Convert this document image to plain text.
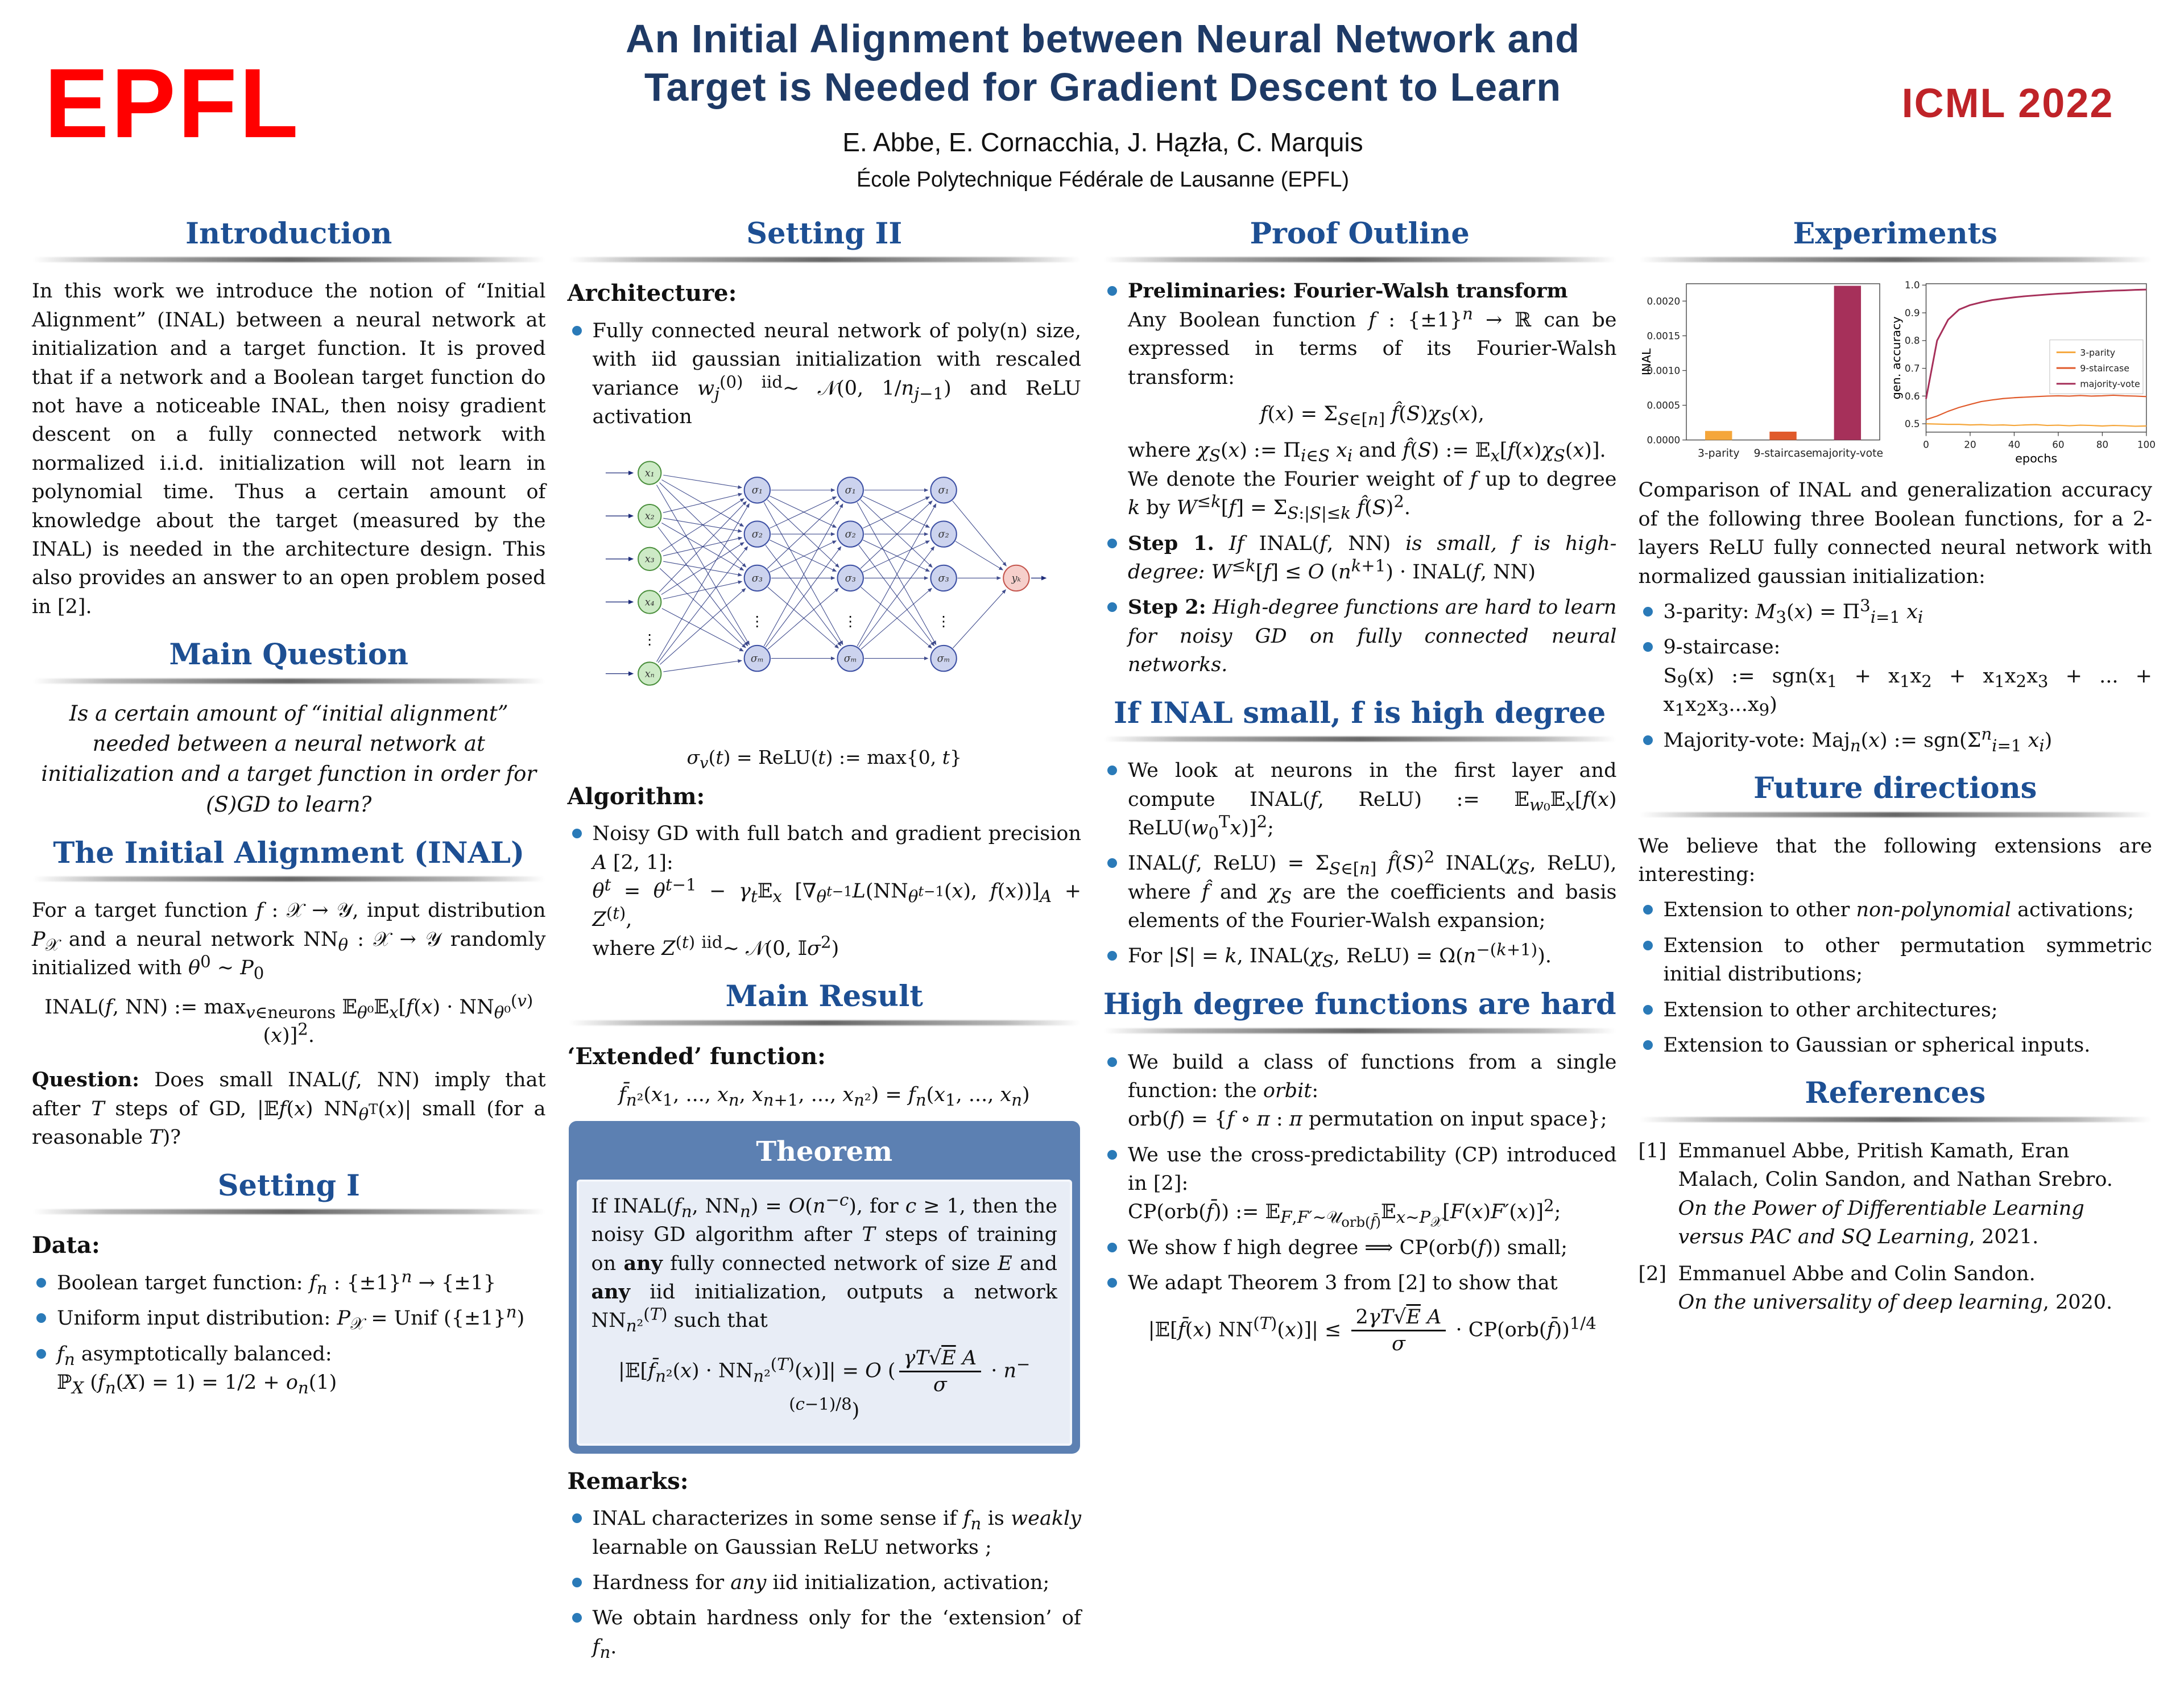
EPFL
An Initial Alignment between Neural Network and
Target is Needed for Gradient Descent to Learn
E. Abbe, E. Cornacchia, J. Hązła, C. Marquis
École Polytechnique Fédérale de Lausanne (EPFL)
ICML 2022
Introduction

In this work we introduce the notion of “Initial Alignment” (INAL) between a neural network at initialization and a target function. It is proved that if a network and a Boolean target function do not have a noticeable INAL, then noisy gradient descent on a fully connected network with normalized i.i.d. initialization will not learn in polynomial time. Thus a certain amount of knowledge about the target (measured by the INAL) is needed in the architecture design. This also provides an answer to an open problem posed in [2].

Main Question
Is a certain amount of “initial alignment” needed between a neural network at initialization and a target function in order for (S)GD to learn?
The Initial Alignment (INAL)

For a target function f : 𝒳 → 𝒴, input distribution $P_𝒳$ and a neural network $NN_\theta$ : 𝒳 → 𝒴 randomly initialized with $\theta^0$ ∼ $P_0$

INAL(f, NN) := $\max_{v\in neurons}$ 𝔼$_{\theta^0}$𝔼$_x$[f(x) · $NN_{\theta^0}^{(v)}(x)]^2$.

Question: Does small INAL(f, NN) imply that after T steps of GD, |𝔼f(x) $NN_{\theta^T}(x)|$ small (for a reasonable T)?

Setting I
Data:
Boolean target function: $f_n$ : $\{\pm 1\}^n \to \{\pm 1\}$
Uniform input distribution: $P_𝒳$ = Unif $(\{\pm 1\}^n)$
$f_n$ asymptotically balanced:
ℙ$_X$ $(f_n(X) = 1) = 1/2 + o_n(1)$
Setting II
Architecture:
Fully connected neural network of poly(n) size, with iid gaussian initialization with rescaled variance $w_j^{(0)}$ $^{iid}$∼ 𝒩(0, $1/n_{j-1}$) and ReLU activation
x₁
x₂
x₃
x₄
xₙ
⋮
σ₁
σ₂
σ₃
σₘ
⋮
σ₁
σ₂
σ₃
σₘ
⋮
σ₁
σ₂
σ₃
σₘ
⋮
yₖ
$\sigma_v(t)$ = ReLU(t) := max{0, t}
Algorithm:
Noisy GD with full batch and gradient precision A [2, 1]:
$\theta^t = \theta^{t-1}$ − $\gamma_t𝔼_x$ [$\nabla_{\theta^{t-1}}L(NN_{\theta^{t-1}}(x)$, $f(x))]_A + Z^{(t)}$,
where $Z^{(t)}$ $^{iid}$∼ 𝒩(0, 𝕀σ$^2$)
Main Result
‘Extended’ function:
$f̄_{n^2}(x_1$, ..., $x_n$, $x_{n+1}$, ..., $x_{n^2}) = f_n(x_1$, ..., $x_n$)
Theorem
If $INAL(f_n$, $NN_n) = O(n^{-c})$, for c ≥ 1, then the noisy GD algorithm after T steps of training on any fully connected network of size E and any iid initialization, outputs a network $NN_{n^2}^{(T)}$ such that
$|𝔼[f̄_{n^2}(x) \cdot NN_{n^2}^{(T)}(x)]| = O$ ( $\frac{\text{γT√E A}}{\sigma} \cdot n^{-(c-1)/8}$)
Remarks:
INAL characterizes in some sense if $f_n$ is weakly learnable on Gaussian ReLU networks ;
Hardness for any iid initialization, activation;
We obtain hardness only for the ‘extension’ of $f_n$.
Proof Outline
Preliminaries: Fourier-Walsh transform
Any Boolean function f : $\{\pm 1\}^n$ → ℝ can be expressed in terms of its Fourier-Walsh transform:
$f(x) = \Sigma_{S\in[n]}$ $f̂(S)\chi_S(x)$,
where $\chi_S(x)$ := $\Pi_{i\in S}$ $x_i$ and f̂(S) := $𝔼_x[f(x)\chi_S(x)]$.
We denote the Fourier weight of f up to degree k by $W^{\le k}[f] = \Sigma_{S:|S|\le k}$ $f̂(S)^2$.
Step 1. If INAL(f, NN) is small, f is high-degree: $W^{\le k}[f] \le O$ $(n^{k+1})$ · INAL(f, NN)
Step 2: High-degree functions are hard to learn for noisy GD on fully connected neural networks.
If INAL small, f is high degree
We look at neurons in the first layer and compute INAL(f, ReLU) := 𝔼$_{w_0}$𝔼$_x$[f(x) $ReLU(w_0^Tx)]^2$;
INAL(f, ReLU) = $\Sigma_{S\in[n]}$ $f̂(S)^2$ $INAL(\chi_S$, ReLU), where f̂ and $\chi_S$ are the coefficients and basis elements of the Fourier-Walsh expansion;
For |S| = k, $INAL(\chi_S$, ReLU) = $\Omega(n^{-(k+1)})$.
High degree functions are hard
We build a class of functions from a single function: the orbit:
orb(f) = {f ∘ π : π permutation on input space};
We use the cross-predictability (CP) introduced in [2]:
CP(orb(f̄)) := $𝔼_{F,F'\sim 𝒰_{orb(f̄)}}𝔼_{x\sim P_𝒳}[F(x)F'(x)]^2$;
We show f high degree ⟹ CP(orb(f)) small;
We adapt Theorem 3 from [2] to show that
|𝔼[f̄(x) $NN^{(T)}(x)]| \le \frac{\text{2γT√E A}}{\sigma}$ · CP(orb(f̄))$^{1/4}$
Experiments
0.0000
0.0005
0.0010
0.0015
0.0020
INAL
3-parity 9-staircase majority-vote
0	20	40	60	80	100
epochs
0.5
0.6
0.7
0.8
0.9
1.0
gen. accuracy	3-parity
9-staircase
majority-vote

Comparison of INAL and generalization accuracy of the following three Boolean functions, for a 2-layers ReLU fully connected neural network with normalized gaussian initialization:

3-parity: $M_3(x) = \Pi^3_{i=1}$ $x_i$
9-staircase:
$S_9(x)$ := $sgn(x_1 + x_1x_2 + x_1x_2x_3$ + ... + $x_1x_2x_3...x_9$)
Majority-vote: Maj$_n$(x) := $sgn(\Sigma^n_{i=1}$ $x_i$)
Future directions

We believe that the following extensions are interesting:

Extension to other non-polynomial activations;
Extension to other permutation symmetric initial distributions;
Extension to other architectures;
Extension to Gaussian or spherical inputs.
References
[1] Emmanuel Abbe, Pritish Kamath, Eran Malach, Colin Sandon, and Nathan Srebro.
On the Power of Differentiable Learning versus PAC and SQ Learning, 2021.
[2] Emmanuel Abbe and Colin Sandon.
On the universality of deep learning, 2020.
